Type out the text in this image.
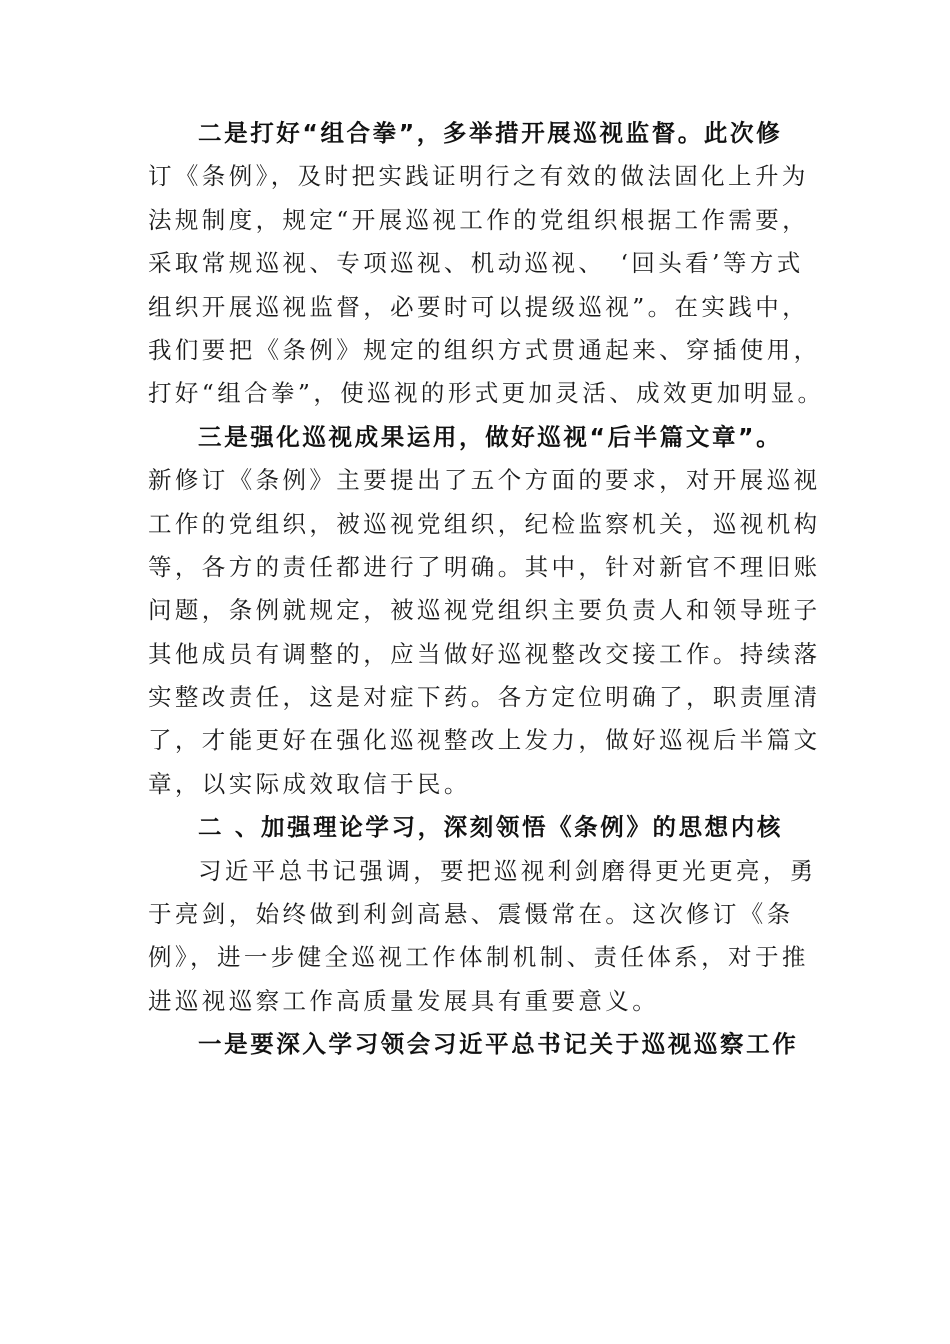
二是打好“组合拳”，多举措开展巡视监督。此次修
订《条例》，及时把实践证明行之有效的做法固化上升为
法规制度，规定“开展巡视工作的党组织根据工作需要，
采取常规巡视、专项巡视、机动巡视、　‘回头看’等方式
组织开展巡视监督，必要时可以提级巡视”。在实践中，
我们要把《条例》规定的组织方式贯通起来、穿插使用，
打好“组合拳”，使巡视的形式更加灵活、成效更加明显。
三是强化巡视成果运用，做好巡视“后半篇文章”。
新修订《条例》主要提出了五个方面的要求，对开展巡视
工作的党组织，被巡视党组织，纪检监察机关，巡视机构
等，各方的责任都进行了明确。其中，针对新官不理旧账
问题，条例就规定，被巡视党组织主要负责人和领导班子
其他成员有调整的，应当做好巡视整改交接工作。持续落
实整改责任，这是对症下药。各方定位明确了，职责厘清
了，才能更好在强化巡视整改上发力，做好巡视后半篇文
章，以实际成效取信于民。
二 、加强理论学习，深刻领悟《条例》的思想内核
习近平总书记强调，要把巡视利剑磨得更光更亮，勇
于亮剑，始终做到利剑高悬、震慑常在。这次修订《条
例》，进一步健全巡视工作体制机制、责任体系，对于推
进巡视巡察工作高质量发展具有重要意义。
一是要深入学习领会习近平总书记关于巡视巡察工作
